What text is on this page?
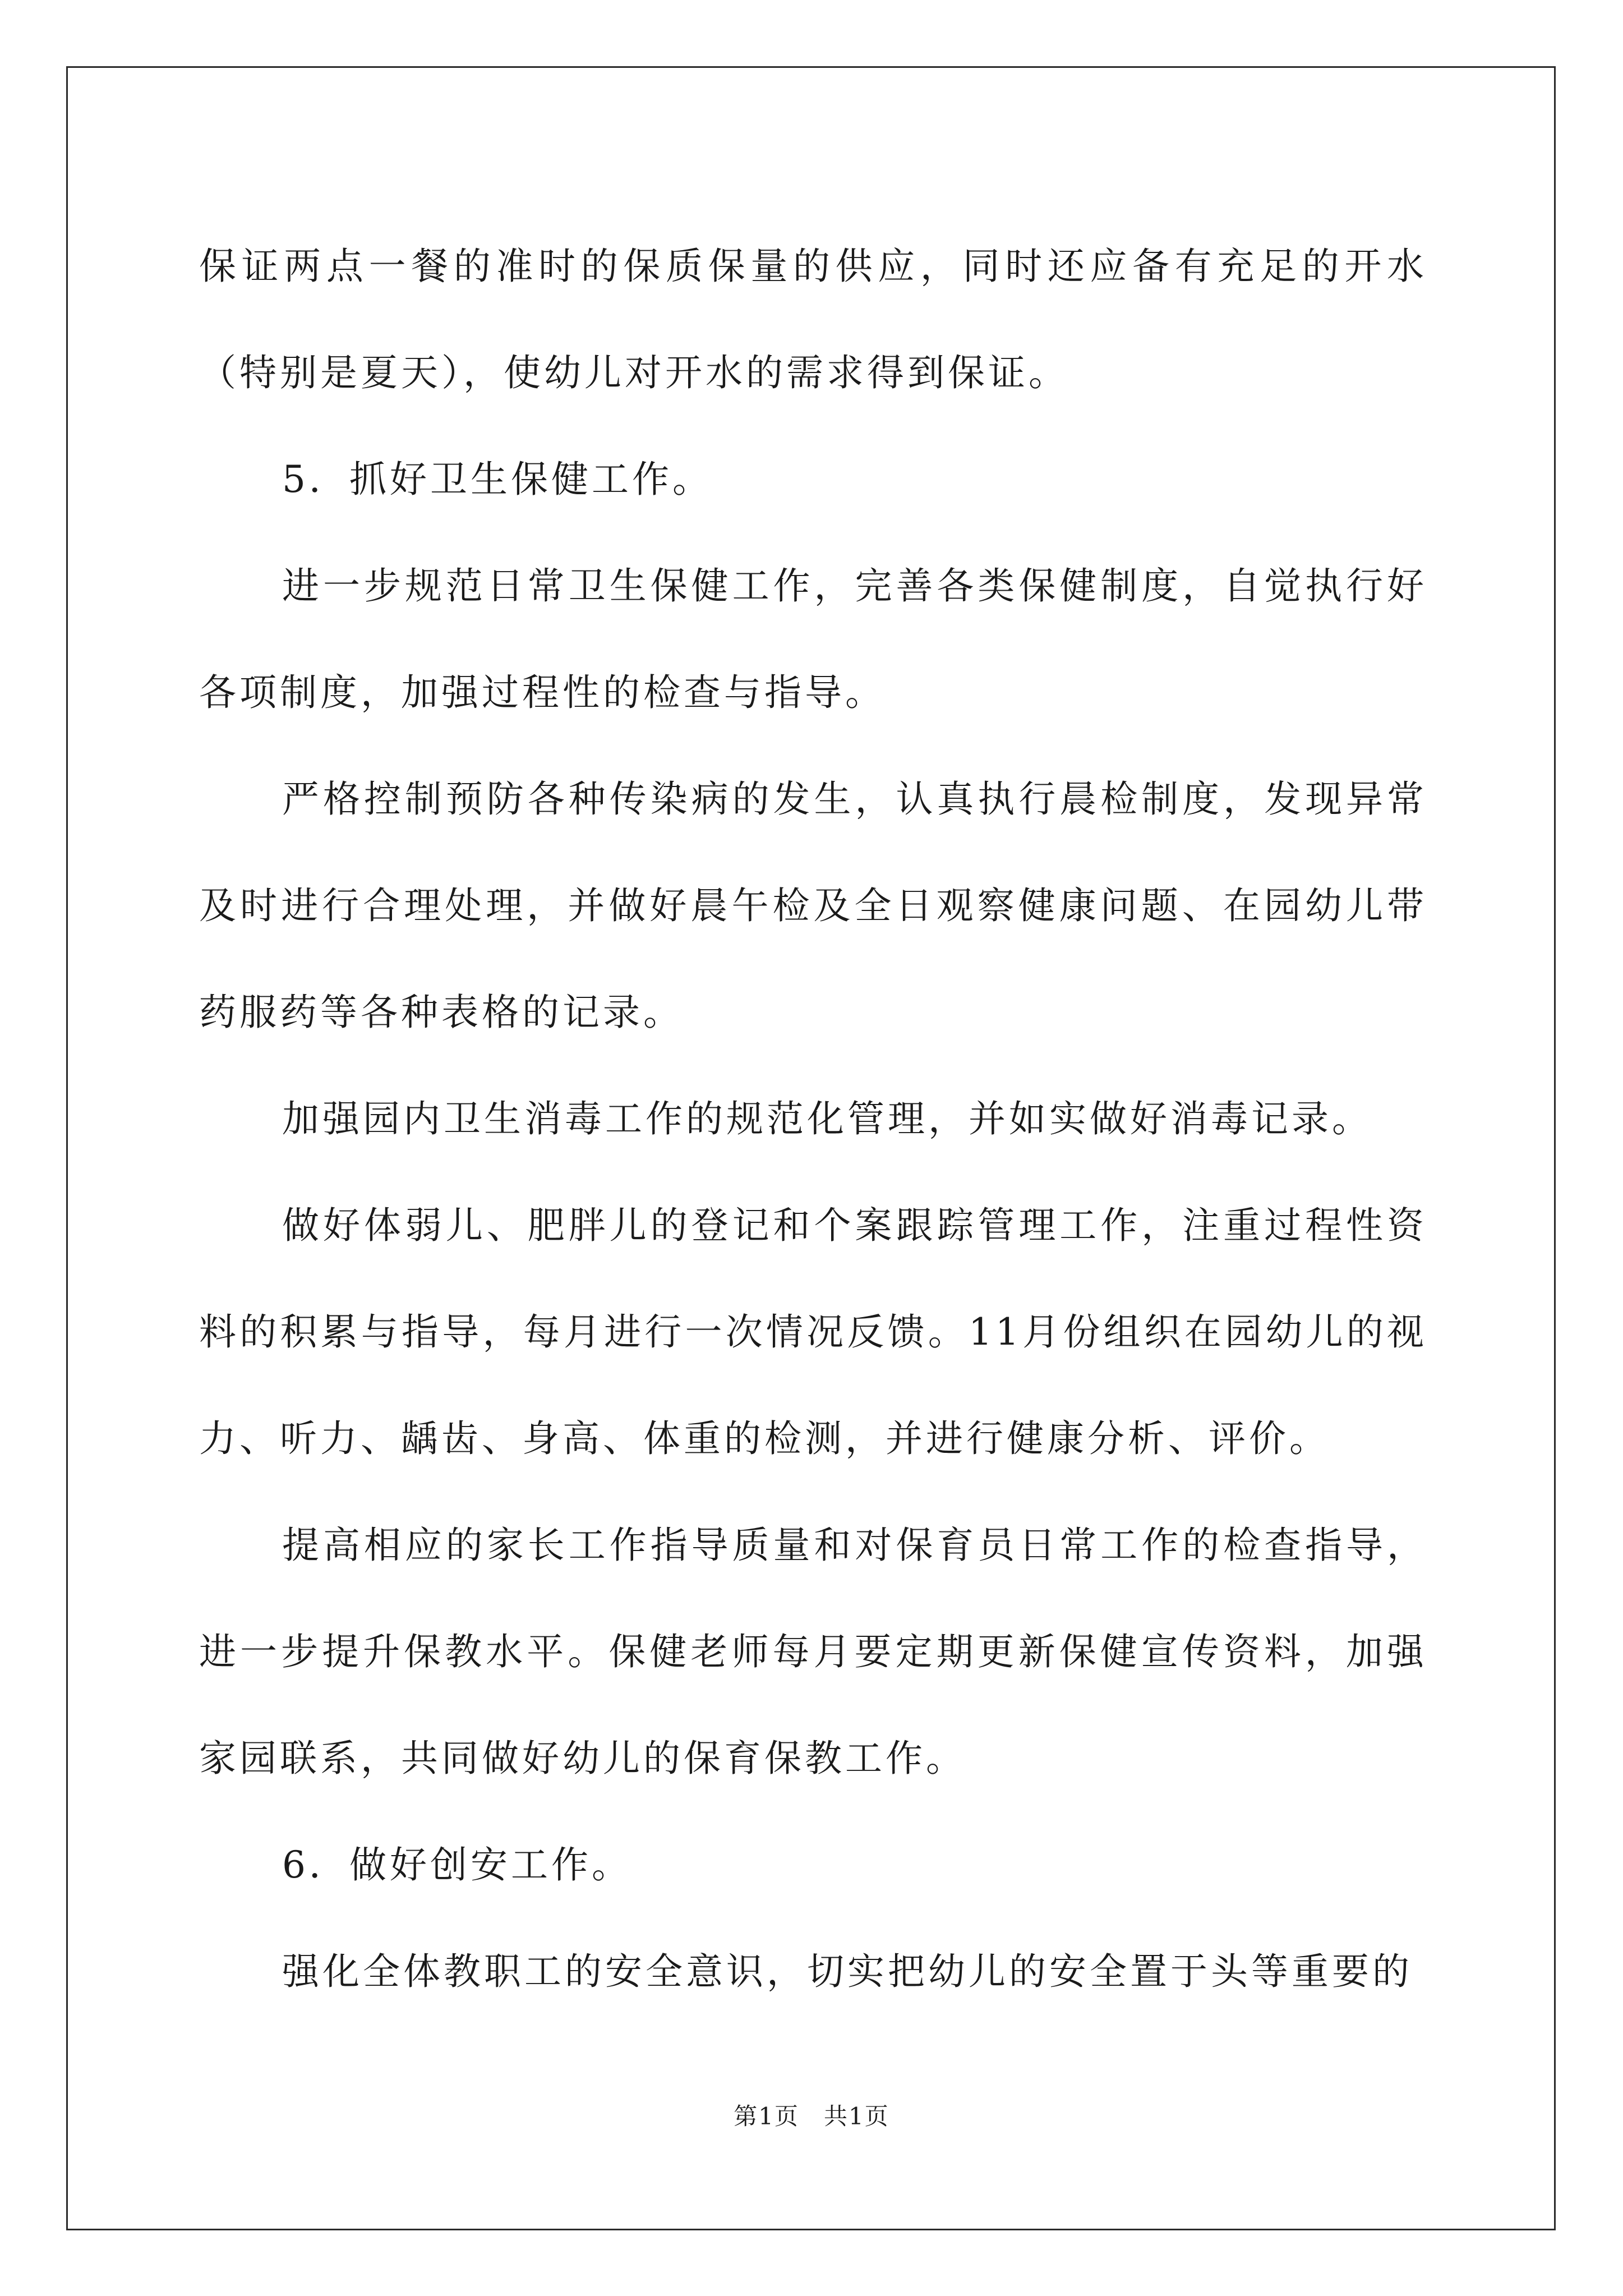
保证两点一餐的准时的保质保量的供应，同时还应备有充足的开水（特别是夏天），使幼儿对开水的需求得到保证。

5．抓好卫生保健工作。

进一步规范日常卫生保健工作，完善各类保健制度，自觉执行好各项制度，加强过程性的检查与指导。

严格控制预防各种传染病的发生，认真执行晨检制度，发现异常及时进行合理处理，并做好晨午检及全日观察健康问题、在园幼儿带药服药等各种表格的记录。

加强园内卫生消毒工作的规范化管理，并如实做好消毒记录。

做好体弱儿、肥胖儿的登记和个案跟踪管理工作，注重过程性资料的积累与指导，每月进行一次情况反馈。11月份组织在园幼儿的视力、听力、龋齿、身高、体重的检测，并进行健康分析、评价。

提高相应的家长工作指导质量和对保育员日常工作的检查指导，进一步提升保教水平。保健老师每月要定期更新保健宣传资料，加强家园联系，共同做好幼儿的保育保教工作。

6．做好创安工作。

强化全体教职工的安全意识，切实把幼儿的安全置于头等重要的

第1页　共1页
